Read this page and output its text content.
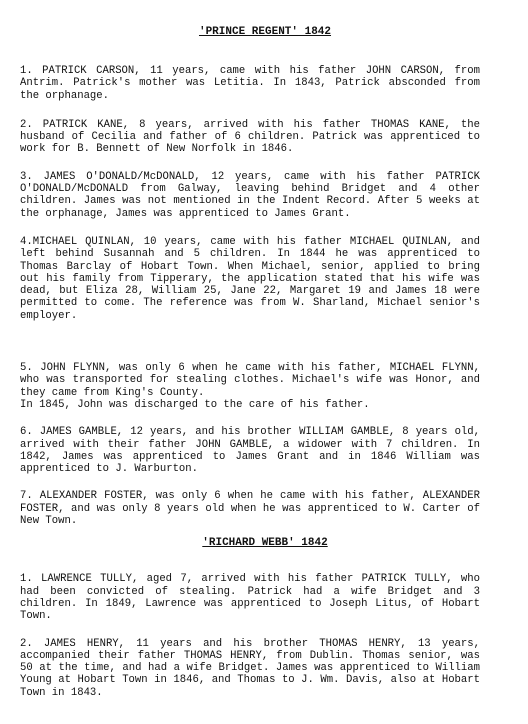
'PRINCE REGENT' 1842

1. PATRICK CARSON, 11 years, came with his father JOHN CARSON, from Antrim. Patrick's mother was Letitia. In 1843, Patrick absconded from the orphanage.

2. PATRICK KANE, 8 years, arrived with his father THOMAS KANE, the husband of Cecilia and father of 6 children. Patrick was apprenticed to work for B. Bennett of New Norfolk in 1846.

3. JAMES O'DONALD/McDONALD, 12 years, came with his father PATRICK O'DONALD/McDONALD from Galway, leaving behind Bridget and 4 other children. James was not mentioned in the Indent Record. After 5 weeks at the orphanage, James was apprenticed to James Grant.

4.MICHAEL QUINLAN, 10 years, came with his father MICHAEL QUINLAN, and left behind Susannah and 5 children. In 1844 he was apprenticed to Thomas Barclay of Hobart Town. When Michael, senior, applied to bring out his family from Tipperary, the application stated that his wife was dead, but Eliza 28, William 25, Jane 22, Margaret 19 and James 18 were permitted to come. The reference was from W. Sharland, Michael senior's employer.

5. JOHN FLYNN, was only 6 when he came with his father, MICHAEL FLYNN, who was transported for stealing clothes. Michael's wife was Honor, and they came from King's County.
In 1845, John was discharged to the care of his father.

6. JAMES GAMBLE, 12 years, and his brother WILLIAM GAMBLE, 8 years old, arrived with their father JOHN GAMBLE, a widower with 7 children. In 1842, James was apprenticed to James Grant and in 1846 William was apprenticed to J. Warburton.

7. ALEXANDER FOSTER, was only 6 when he came with his father, ALEXANDER FOSTER, and was only 8 years old when he was apprenticed to W. Carter of New Town.

'RICHARD WEBB' 1842

1. LAWRENCE TULLY, aged 7, arrived with his father PATRICK TULLY, who had been convicted of stealing. Patrick had a wife Bridget and 3 children. In 1849, Lawrence was apprenticed to Joseph Litus, of Hobart Town.

2. JAMES HENRY, 11 years and his brother THOMAS HENRY, 13 years, accompanied their father THOMAS HENRY, from Dublin. Thomas senior, was 50 at the time, and had a wife Bridget. James was apprenticed to William Young at Hobart Town in 1846, and Thomas to J. Wm. Davis, also at Hobart Town in 1843.
